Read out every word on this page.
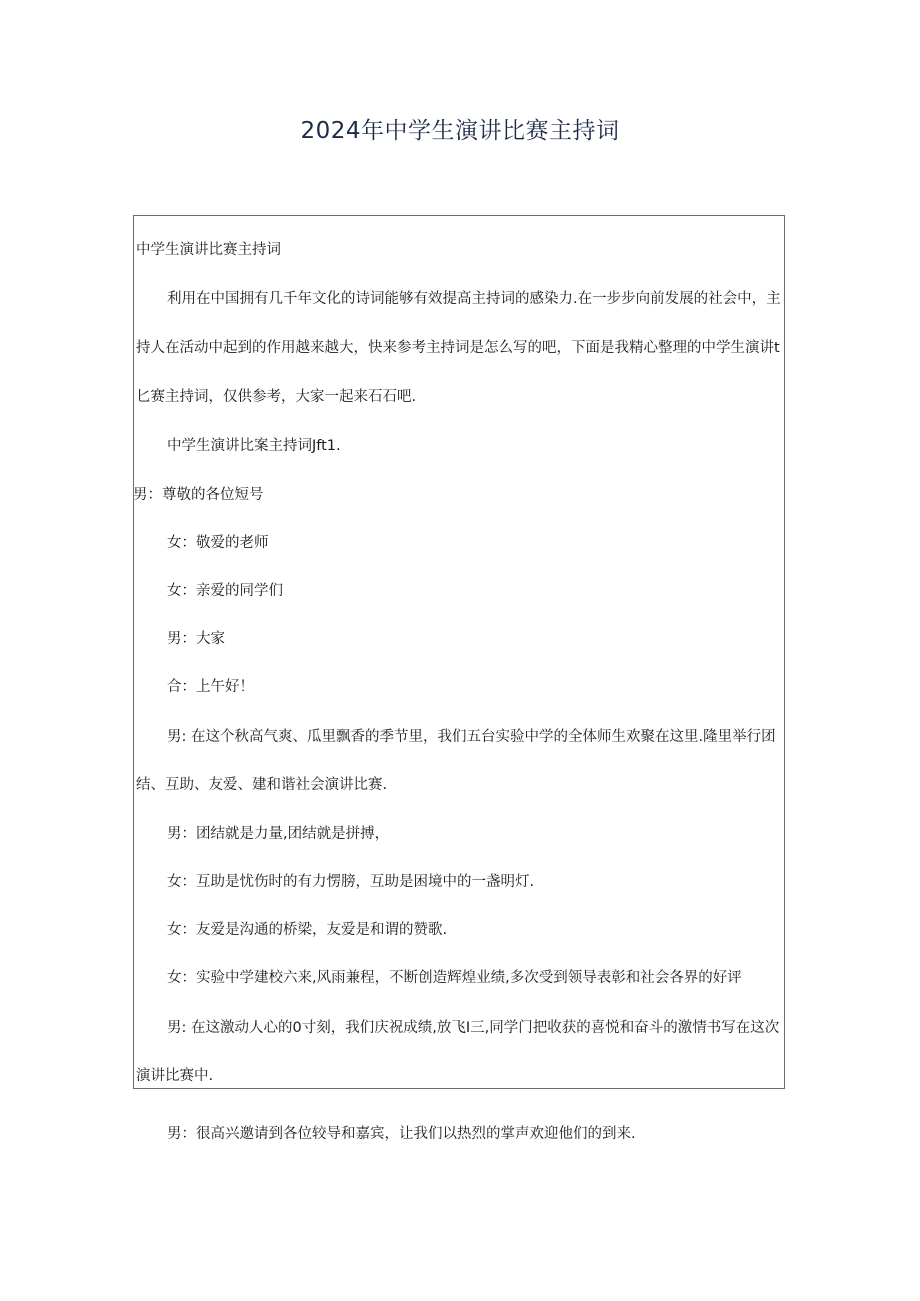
2024年中学生演讲比赛主持词
中学生演讲比赛主持词
利用在中国拥有几千年文化的诗词能够有效提高主持词的感染力.在一步步向前发展的社会中，主
持人在活动中起到的作用越来越大，快来参考主持词是怎么写的吧，下面是我精心整理的中学生演讲t
匕赛主持词，仅供参考，大家一起来石石吧.
中学生演讲比案主持词Jft1.
男：尊敬的各位短号
女：敬爱的老师
女：亲爱的同学们
男：大家
合：上午好！
男: 在这个秋高气爽、瓜里飘香的季节里，我们五台实验中学的全体师生欢聚在这里.隆里举行团
结、互助、友爱、建和谐社会演讲比赛.
男：团结就是力量,团结就是拼搏，
女：互助是忧伤时的有力愣膀，互助是困境中的一盏明灯.
女：友爱是沟通的桥梁，友爱是和谓的赞歌.
女：实验中学建校六来,风雨兼程，不断创造辉煌业绩,多次受到领导表彰和社会各界的好评
男: 在这激动人心的0寸刻，我们庆祝成绩,放飞I三,同学门把收获的喜悦和奋斗的激情书写在这次
演讲比赛中.
男：很高兴邀请到各位较导和嘉宾，让我们以热烈的掌声欢迎他们的到来.
